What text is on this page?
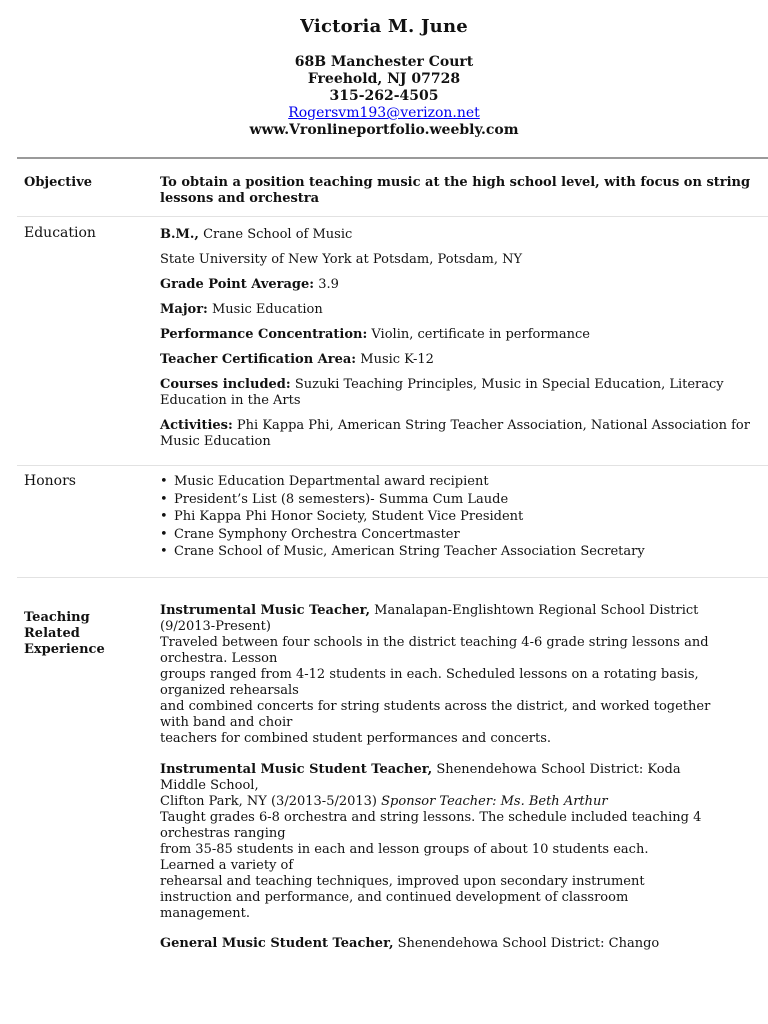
Victoria M. June
68B Manchester Court
Freehold, NJ 07728
315-262-4505
Rogersvm193@verizon.net
www.Vronlineportfolio.weebly.com
Objective	To obtain a position teaching music at the high school level, with focus on string lessons and orchestra
Education	B.M., Crane School of Music
State University of New York at Potsdam, Potsdam, NY
Grade Point Average: 3.9
Major: Music Education
Performance Concentration: Violin, certificate in performance
Teacher Certification Area: Music K-12
Courses included: Suzuki Teaching Principles, Music in Special Education, Literacy Education in the Arts
Activities: Phi Kappa Phi, American String Teacher Association, National Association for Music Education
Honors
•	Music Education Departmental award recipient
• President’s List (8 semesters)- Summa Cum Laude
• Phi Kappa Phi Honor Society, Student Vice President
• Crane Symphony Orchestra Concertmaster
• Crane School of Music, American String Teacher Association Secretary
Teaching
Related
Experience
Instrumental Music Teacher, Manalapan-Englishtown Regional School District
(9/2013-Present)
Traveled between four schools in the district teaching 4-6 grade string lessons and
orchestra. Lesson
groups ranged from 4-12 students in each. Scheduled lessons on a rotating basis,
organized rehearsals
and combined concerts for string students across the district, and worked together
with band and choir
teachers for combined student performances and concerts.
Instrumental Music Student Teacher, Shenendehowa School District: Koda
Middle School,
Clifton Park, NY (3/2013-5/2013) Sponsor Teacher: Ms. Beth Arthur
Taught grades 6-8 orchestra and string lessons. The schedule included teaching 4
orchestras ranging
from 35-85 students in each and lesson groups of about 10 students each.
Learned a variety of
rehearsal and teaching techniques, improved upon secondary instrument
instruction and performance, and continued development of classroom
management.
General Music Student Teacher, Shenendehowa School District: Chango
